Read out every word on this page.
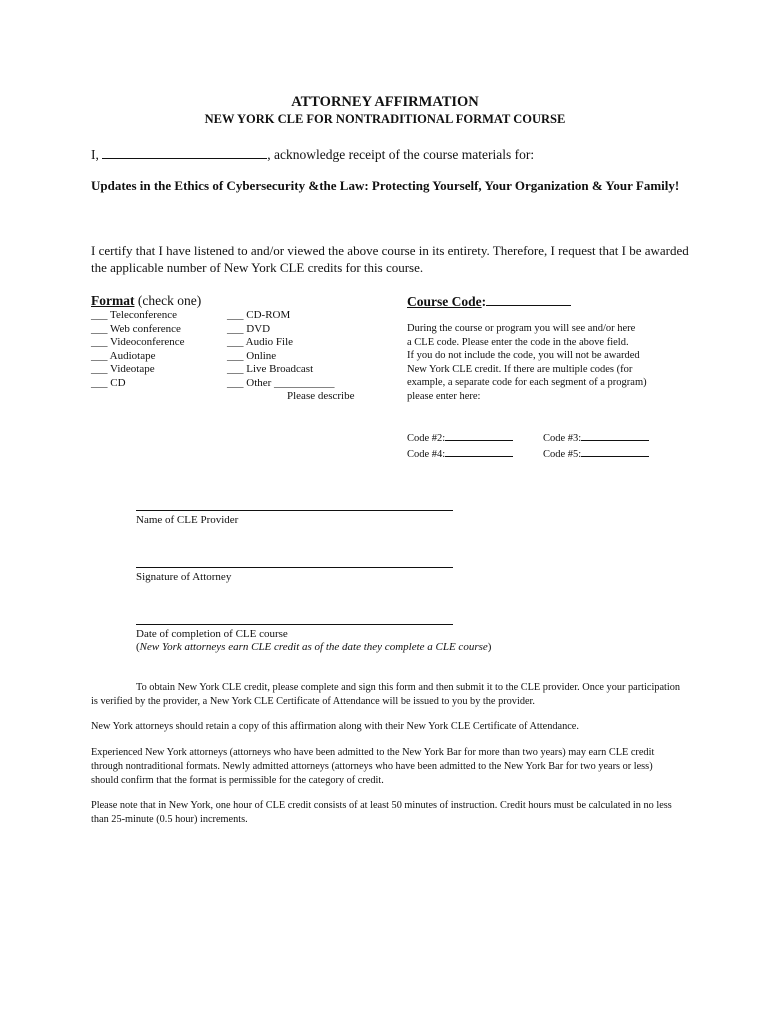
ATTORNEY AFFIRMATION
NEW YORK CLE FOR NONTRADITIONAL FORMAT COURSE
I,	, acknowledge receipt of the course materials for:
Updates in the Ethics of Cybersecurity &the Law: Protecting Yourself, Your Organization & Your Family!
I certify that I have listened to and/or viewed the above course in its entirety. Therefore, I request that I be awarded the applicable number of New York CLE credits for this course.
Format (check one)
___ Teleconference
___ Web conference
___ Videoconference
___ Audiotape
___ Videotape
___ CD
___ CD-ROM
___ DVD
___ Audio File
___ Online
___ Live Broadcast
___ Other ___________
Please describe
Course Code:
During the course or program you will see and/or here
a CLE code. Please enter the code in the above field.
If you do not include the code, you will not be awarded
New York CLE credit. If there are multiple codes (for
example, a separate code for each segment of a program)
please enter here:
Code #2:
Code #4:
Code #3:
Code #5:
Name of CLE Provider
Signature of Attorney
Date of completion of CLE course
(New York attorneys earn CLE credit as of the date they complete a CLE course)
To obtain New York CLE credit, please complete and sign this form and then submit it to the CLE provider. Once your participation is verified by the provider, a New York CLE Certificate of Attendance will be issued to you by the provider.
New York attorneys should retain a copy of this affirmation along with their New York CLE Certificate of Attendance.
Experienced New York attorneys (attorneys who have been admitted to the New York Bar for more than two years) may earn CLE credit through nontraditional formats. Newly admitted attorneys (attorneys who have been admitted to the New York Bar for two years or less) should confirm that the format is permissible for the category of credit.
Please note that in New York, one hour of CLE credit consists of at least 50 minutes of instruction. Credit hours must be calculated in no less than 25-minute (0.5 hour) increments.
